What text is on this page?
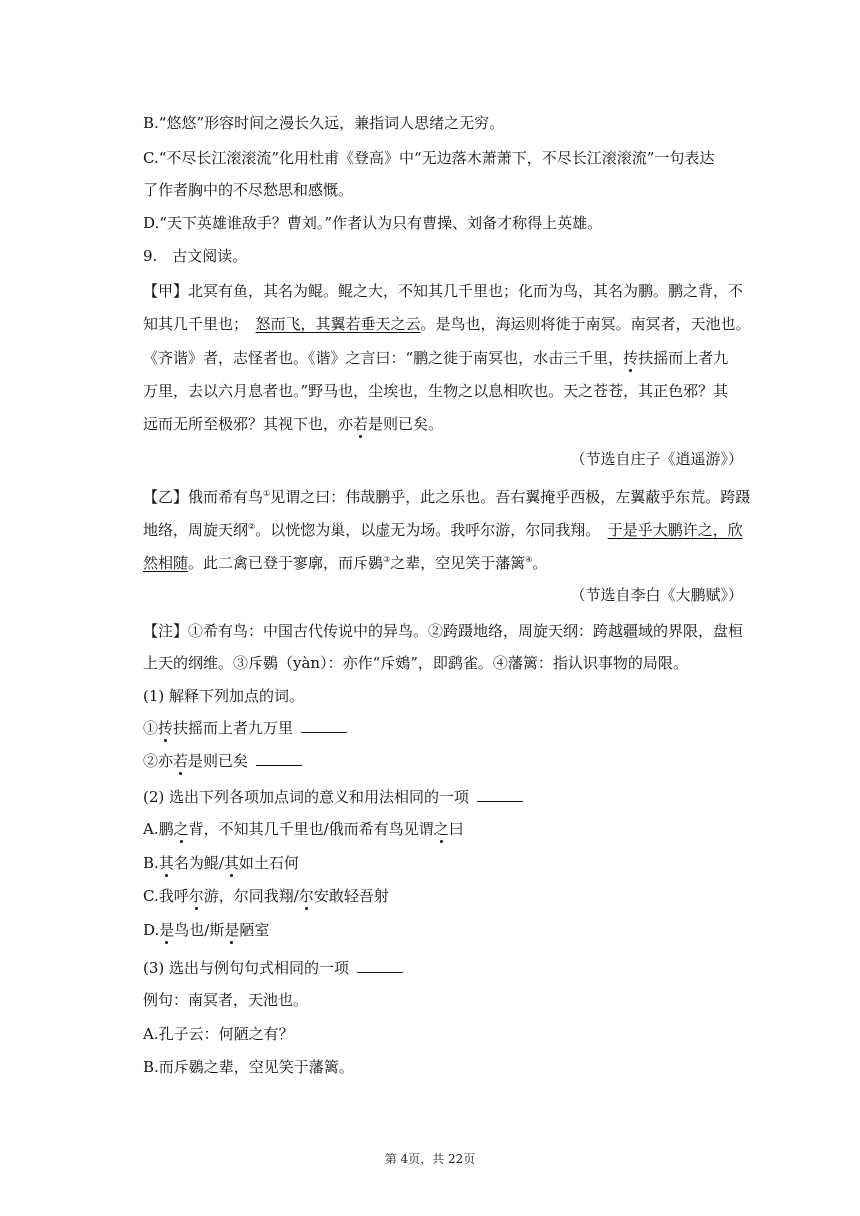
B.“悠悠”形容时间之漫长久远，兼指词人思绪之无穷。
C.“不尽长江滚滚流”化用杜甫《登高》中“无边落木萧萧下，不尽长江滚滚流”一句表达
了作者胸中的不尽愁思和感慨。
D.“天下英雄谁敌手？曹刘。”作者认为只有曹操、刘备才称得上英雄。
9.　古文阅读。
【甲】北冥有鱼，其名为鲲。鲲之大，不知其几千里也；化而为鸟，其名为鹏。鹏之背，不
知其几千里也；　怒而飞，其翼若垂天之云。是鸟也，海运则将徙于南冥。南冥者，天池也。
《齐谐》者，志怪者也。《谐》之言曰：“鹏之徙于南冥也，水击三千里，抟扶摇而上者九
万里，去以六月息者也。”野马也，尘埃也，生物之以息相吹也。天之苍苍，其正色邪？其
远而无所至极邪？其视下也，亦若是则已矣。
（节选自庄子《逍遥游》）
【乙】俄而希有鸟①见谓之曰：伟哉鹏乎，此之乐也。吾右翼掩乎西极，左翼蔽乎东荒。跨蹑
地络，周旋天纲②。以恍惚为巢，以虚无为场。我呼尔游，尔同我翔。　于是乎大鹏许之，欣
然相随。此二禽已登于寥廓，而斥鷃③之辈，空见笑于藩篱④。
（节选自李白《大鹏赋》）
【注】①希有鸟：中国古代传说中的异鸟。②跨蹑地络，周旋天纲：跨越疆域的界限，盘桓
上天的纲维。③斥鷃（yàn）：亦作“斥鴳”，即鹞雀。④藩篱：指认识事物的局限。
(1) 解释下列加点的词。
①抟扶摇而上者九万里
②亦若是则已矣
(2) 选出下列各项加点词的意义和用法相同的一项
A.鹏之背，不知其几千里也/俄而希有鸟见谓之曰
B.其名为鲲/其如土石何
C.我呼尔游，尔同我翔/尔安敢轻吾射
D.是鸟也/斯是陋室
(3) 选出与例句句式相同的一项
例句：南冥者，天池也。
A.孔子云：何陋之有？
B.而斥鷃之辈，空见笑于藩篱。
第 4页，共 22页
